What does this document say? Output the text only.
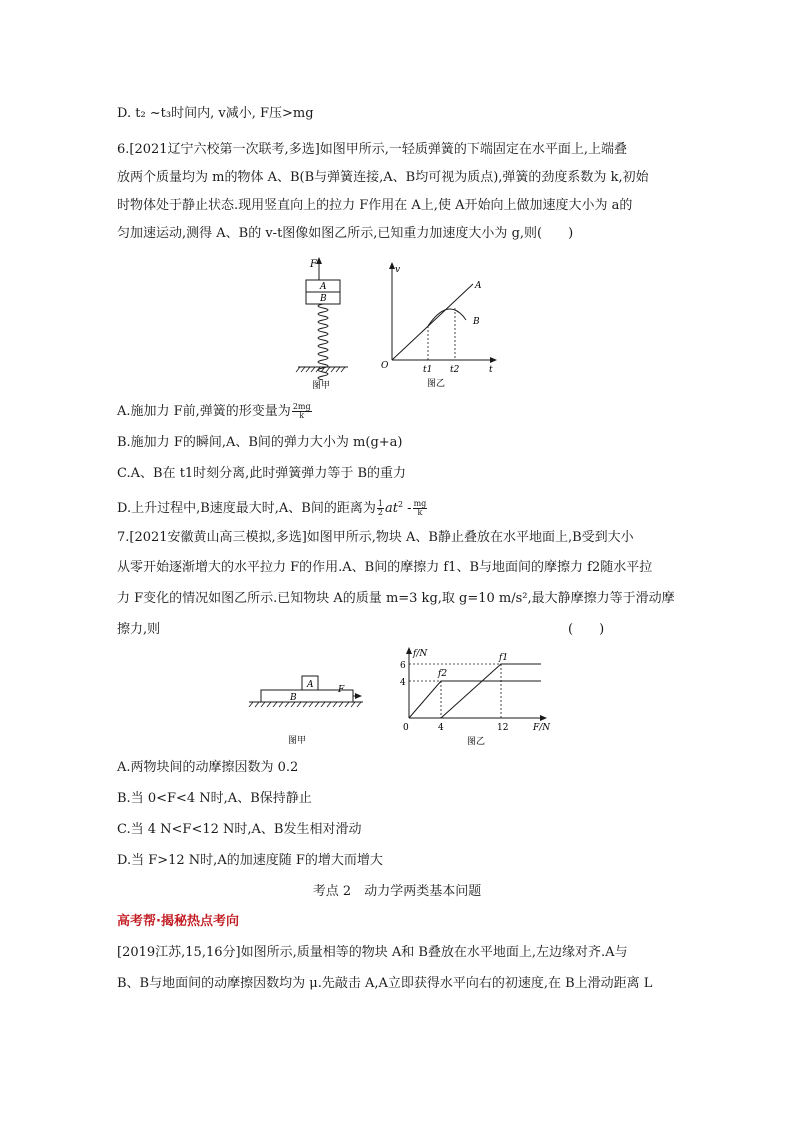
D. t₂ ~t₃时间内, v减小, F压>mg
6.[2021辽宁六校第一次联考,多选]如图甲所示,一轻质弹簧的下端固定在水平面上,上端叠
放两个质量均为 m的物体 A、B(B与弹簧连接,A、B均可视为质点),弹簧的劲度系数为 k,初始
时物体处于静止状态.现用竖直向上的拉力 F作用在 A上,使 A开始向上做加速度大小为 a的
匀加速运动,测得 A、B的 v-t图像如图乙所示,已知重力加速度大小为 g,则(　　)
F
A
B
图甲
v
t
O
A
B
t1 t2
图乙
A.施加力 F前,弹簧的形变量为 $\frac{2mg}{k}$
B.施加力 F的瞬间,A、B间的弹力大小为 m(g+a)
C.A、B在 t1时刻分离,此时弹簧弹力等于 B的重力
D.上升过程中,B速度最大时,A、B间的距离为 $\frac{1}{2} at^2 - \frac{mg}{k}$
7.[2021安徽黄山高三模拟,多选]如图甲所示,物块 A、B静止叠放在水平地面上,B受到大小
从零开始逐渐增大的水平拉力 F的作用.A、B间的摩擦力 f1、B与地面间的摩擦力 f2随水平拉
力 F变化的情况如图乙所示.已知物块 A的质量 m=3 kg,取 g=10 m/s²,最大静摩擦力等于滑动摩
擦力,则	(　　)
A
B
F
图甲
f/N
F/N
6
4
0	4	12
f1
f2
图乙
A.两物块间的动摩擦因数为 0.2
B.当 0<F<4 N时,A、B保持静止
C.当 4 N<F<12 N时,A、B发生相对滑动
D.当 F>12 N时,A的加速度随 F的增大而增大
考点 2　动力学两类基本问题
高考帮·揭秘热点考向
[2019江苏,15,16分]如图所示,质量相等的物块 A和 B叠放在水平地面上,左边缘对齐.A与
B、B与地面间的动摩擦因数均为 μ.先敲击 A,A立即获得水平向右的初速度,在 B上滑动距离 L
